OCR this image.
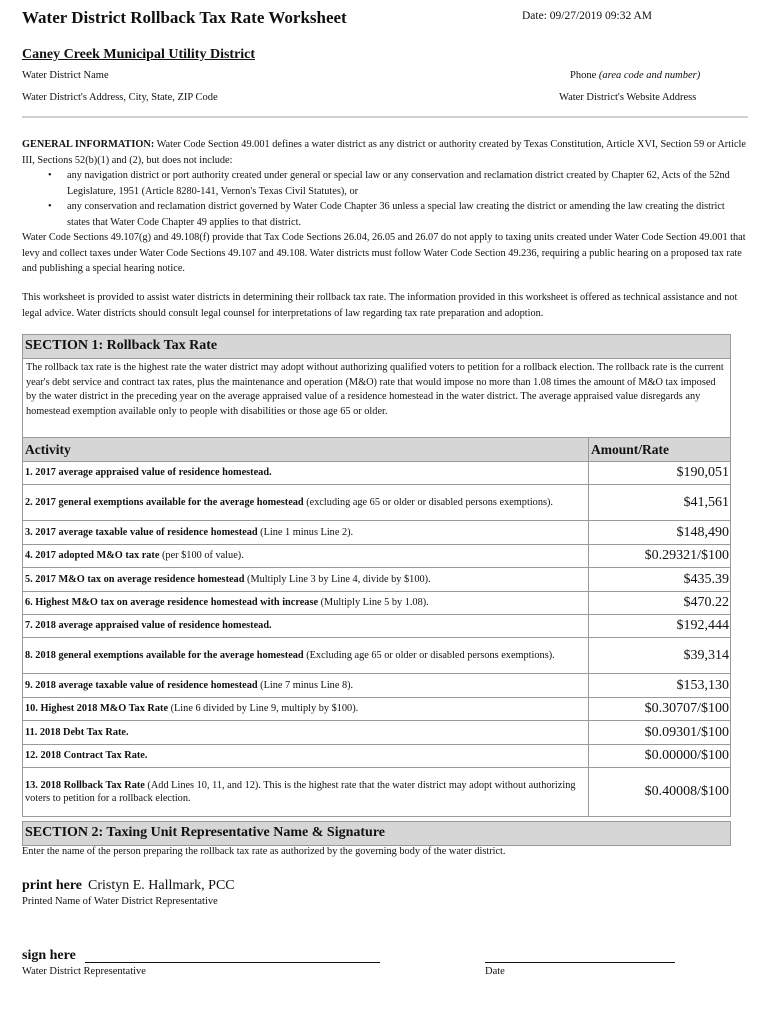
Water District Rollback Tax Rate Worksheet	Date: 09/27/2019 09:32 AM
Caney Creek Municipal Utility District
Water District Name	Phone (area code and number)
Water District's Address, City, State, ZIP Code	Water District's Website Address

GENERAL INFORMATION: Water Code Section 49.001 defines a water district as any district or authority created by Texas Constitution, Article XVI, Section 59 or Article III, Sections 52(b)(1) and (2), but does not include:

• any navigation district or port authority created under general or special law or any conservation and reclamation district created by Chapter 62, Acts of the 52nd Legislature, 1951 (Article 8280-141, Vernon's Texas Civil Statutes), or
• any conservation and reclamation district governed by Water Code Chapter 36 unless a special law creating the district or amending the law creating the district states that Water Code Chapter 49 applies to that district.

Water Code Sections 49.107(g) and 49.108(f) provide that Tax Code Sections 26.04, 26.05 and 26.07 do not apply to taxing units created under Water Code Section 49.001 that levy and collect taxes under Water Code Sections 49.107 and 49.108. Water districts must follow Water Code Section 49.236, requiring a public hearing on a proposed tax rate and publishing a special hearing notice.

This worksheet is provided to assist water districts in determining their rollback tax rate. The information provided in this worksheet is offered as technical assistance and not legal advice. Water districts should consult legal counsel for interpretations of law regarding tax rate preparation and adoption.
SECTION 1: Rollback Tax Rate
The rollback tax rate is the highest rate the water district may adopt without authorizing qualified voters to petition for a rollback election. The rollback rate is the current year's debt service and contract tax rates, plus the maintenance and operation (M&O) rate that would impose no more than 1.08 times the amount of M&O tax imposed by the water district in the preceding year on the average appraised value of a residence homestead in the water district. The average appraised value disregards any homestead exemption available only to people with disabilities or those age 65 or older.
Activity	Amount/Rate
1. 2017 average appraised value of residence homestead.	$190,051
2. 2017 general exemptions available for the average homestead (excluding age 65 or older or disabled persons exemptions).	$41,561
3. 2017 average taxable value of residence homestead (Line 1 minus Line 2).	$148,490
4. 2017 adopted M&O tax rate (per $100 of value).	$0.29321/$100
5. 2017 M&O tax on average residence homestead (Multiply Line 3 by Line 4, divide by $100).	$435.39
6. Highest M&O tax on average residence homestead with increase (Multiply Line 5 by 1.08).	$470.22
7. 2018 average appraised value of residence homestead.	$192,444
8. 2018 general exemptions available for the average homestead (Excluding age 65 or older or disabled persons exemptions).	$39,314
9. 2018 average taxable value of residence homestead (Line 7 minus Line 8).	$153,130
10. Highest 2018 M&O Tax Rate (Line 6 divided by Line 9, multiply by $100).	$0.30707/$100
11. 2018 Debt Tax Rate.	$0.09301/$100
12. 2018 Contract Tax Rate.	$0.00000/$100
13. 2018 Rollback Tax Rate (Add Lines 10, 11, and 12). This is the highest rate that the water district may adopt without authorizing voters to petition for a rollback election.	$0.40008/$100
SECTION 2: Taxing Unit Representative Name & Signature
Enter the name of the person preparing the rollback tax rate as authorized by the governing body of the water district.
print here Cristyn E. Hallmark, PCC
Printed Name of Water District Representative
sign here
Water District Representative	Date
